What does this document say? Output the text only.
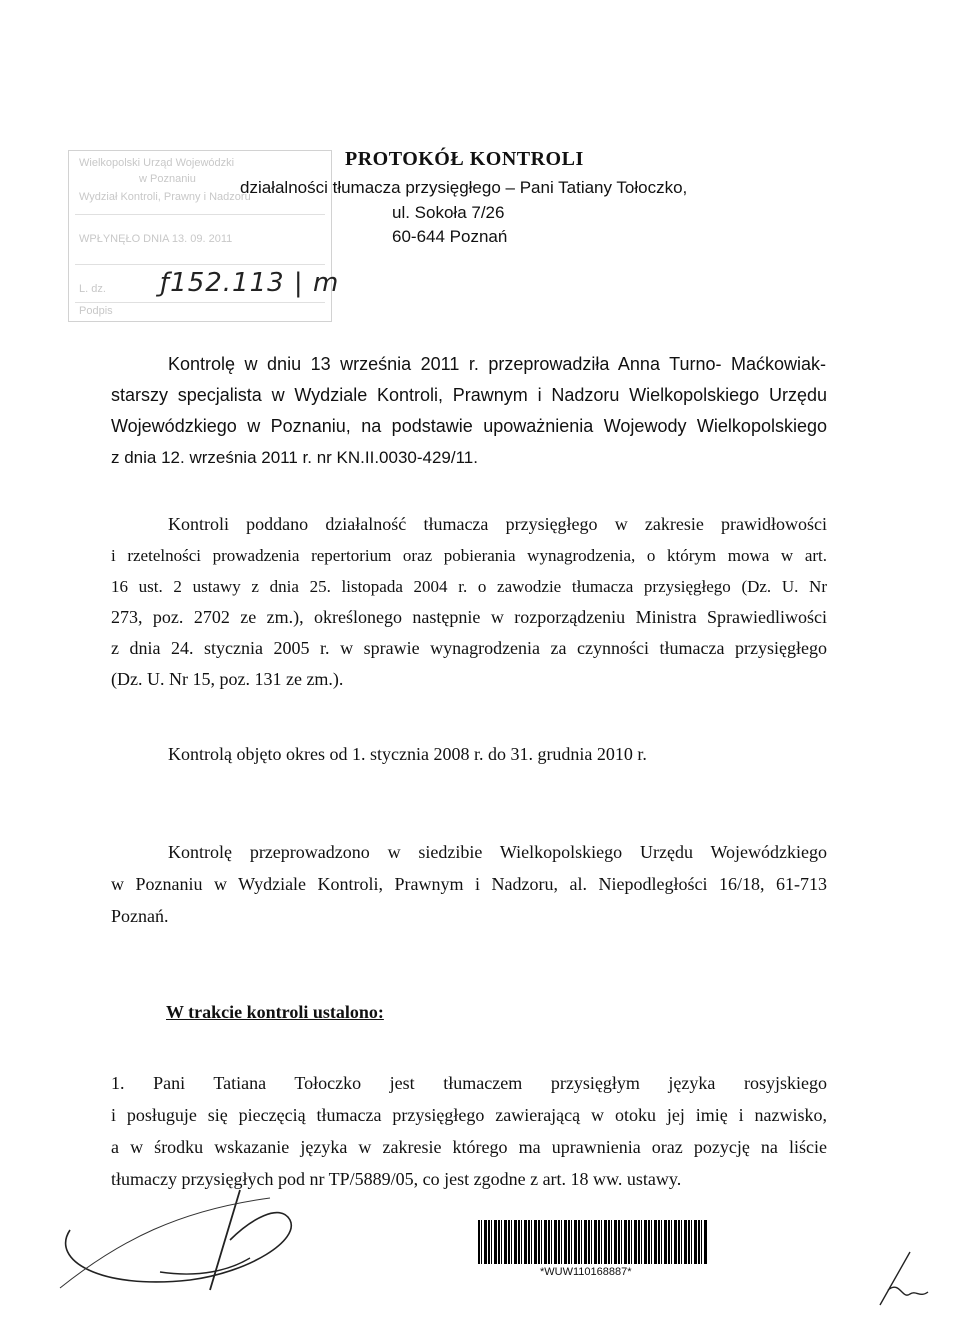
Wielkopolski Urząd Wojewódzki
w Poznaniu
Wydział Kontroli, Prawny i Nadzoru
WPŁYNĘŁO DNIA 13. 09. 2011
L. dz.
Podpis
ƒ152.113 | m
PROTOKÓŁ KONTROLI
działalności tłumacza przysięgłego – Pani Tatiany Tołoczko,
ul. Sokoła 7/26
60-644 Poznań
Kontrolę w dniu 13 września 2011 r. przeprowadziła Anna Turno- Maćkowiak-
starszy specjalista w Wydziale Kontroli, Prawnym i Nadzoru Wielkopolskiego Urzędu
Wojewódzkiego w Poznaniu, na podstawie upoważnienia Wojewody Wielkopolskiego
z dnia 12. września 2011 r. nr KN.II.0030-429/11.
Kontroli poddano działalność tłumacza przysięgłego w zakresie prawidłowości
i rzetelności prowadzenia repertorium oraz pobierania wynagrodzenia, o którym mowa w art.
16 ust. 2 ustawy z dnia 25. listopada 2004 r. o zawodzie tłumacza przysięgłego (Dz. U. Nr
273, poz. 2702 ze zm.), określonego następnie w rozporządzeniu Ministra Sprawiedliwości
z dnia 24. stycznia 2005 r. w sprawie wynagrodzenia za czynności tłumacza przysięgłego
(Dz. U. Nr 15, poz. 131 ze zm.).
Kontrolą objęto okres od 1. stycznia 2008 r. do 31. grudnia 2010 r.
Kontrolę przeprowadzono w siedzibie Wielkopolskiego Urzędu Wojewódzkiego
w Poznaniu w Wydziale Kontroli, Prawnym i Nadzoru, al. Niepodległości 16/18, 61-713
Poznań.
W trakcie kontroli ustalono:
1. Pani Tatiana Tołoczko jest tłumaczem przysięgłym języka rosyjskiego
i posługuje się pieczęcią tłumacza przysięgłego zawierającą w otoku jej imię i nazwisko,
a w środku wskazanie języka w zakresie którego ma uprawnienia oraz pozycję na liście
tłumaczy przysięgłych pod nr TP/5889/05, co jest zgodne z art. 18 ww. ustawy.
*WUW110168887*
